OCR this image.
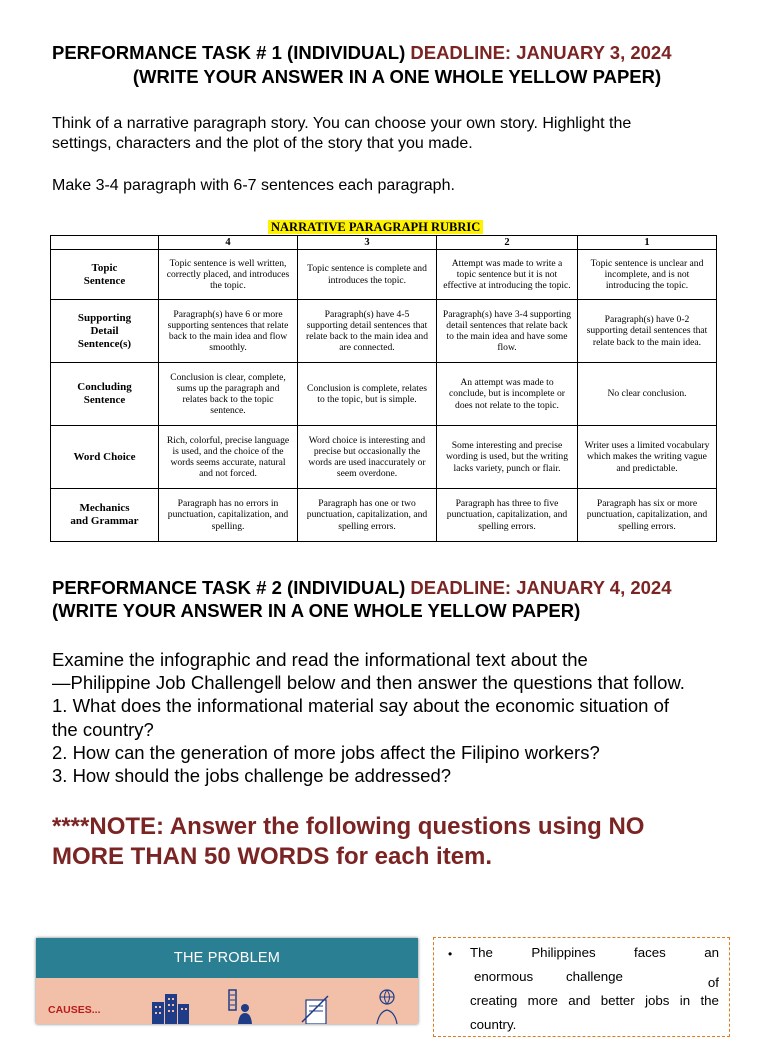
PERFORMANCE TASK # 1 (INDIVIDUAL) DEADLINE: JANUARY 3, 2024
(WRITE YOUR ANSWER IN A ONE WHOLE YELLOW PAPER)
Think of a narrative paragraph story. You can choose your own story. Highlight the
settings, characters and the plot of the story that you made.
Make 3-4 paragraph with 6-7 sentences each paragraph.
NARRATIVE PARAGRAPH RUBRIC
	4	3	2	1
Topic
Sentence	Topic sentence is well written, correctly placed, and introduces the topic.	Topic sentence is complete and introduces the topic.	Attempt was made to write a topic sentence but it is not effective at introducing the topic.	Topic sentence is unclear and incomplete, and is not introducing the topic.
Supporting
Detail
Sentence(s)	Paragraph(s) have 6 or more supporting sentences that relate back to the main idea and flow smoothly.	Paragraph(s) have 4-5 supporting detail sentences that relate back to the main idea and are connected.	Paragraph(s) have 3-4 supporting detail sentences that relate back to the main idea and have some flow.	Paragraph(s) have 0-2 supporting detail sentences that relate back to the main idea.
Concluding
Sentence	Conclusion is clear, complete, sums up the paragraph and relates back to the topic sentence.	Conclusion is complete, relates to the topic, but is simple.	An attempt was made to conclude, but is incomplete or does not relate to the topic.	No clear conclusion.
Word Choice	Rich, colorful, precise language is used, and the choice of the words seems accurate, natural and not forced.	Word choice is interesting and precise but occasionally the words are used inaccurately or seem overdone.	Some interesting and precise wording is used, but the writing lacks variety, punch or flair.	Writer uses a limited vocabulary which makes the writing vague and predictable.
Mechanics
and Grammar	Paragraph has no errors in punctuation, capitalization, and spelling.	Paragraph has one or two punctuation, capitalization, and spelling errors.	Paragraph has three to five punctuation, capitalization, and spelling errors.	Paragraph has six or more punctuation, capitalization, and spelling errors.
PERFORMANCE TASK # 2 (INDIVIDUAL) DEADLINE: JANUARY 4, 2024
(WRITE YOUR ANSWER IN A ONE WHOLE YELLOW PAPER)
Examine the infographic and read the informational text about the
—Philippine Job Challenge‖ below and then answer the questions that follow.
1. What does the informational material say about the economic situation of
the country?
2. How can the generation of more jobs affect the Filipino workers?
3. How should the jobs challenge be addressed?
****NOTE: Answer the following questions using NO
MORE THAN 50 WORDS for each item.
THE PROBLEM
CAUSES...
• The	Philippines	faces	an
enormous challenge	of
creating more and better jobs in the
country.
